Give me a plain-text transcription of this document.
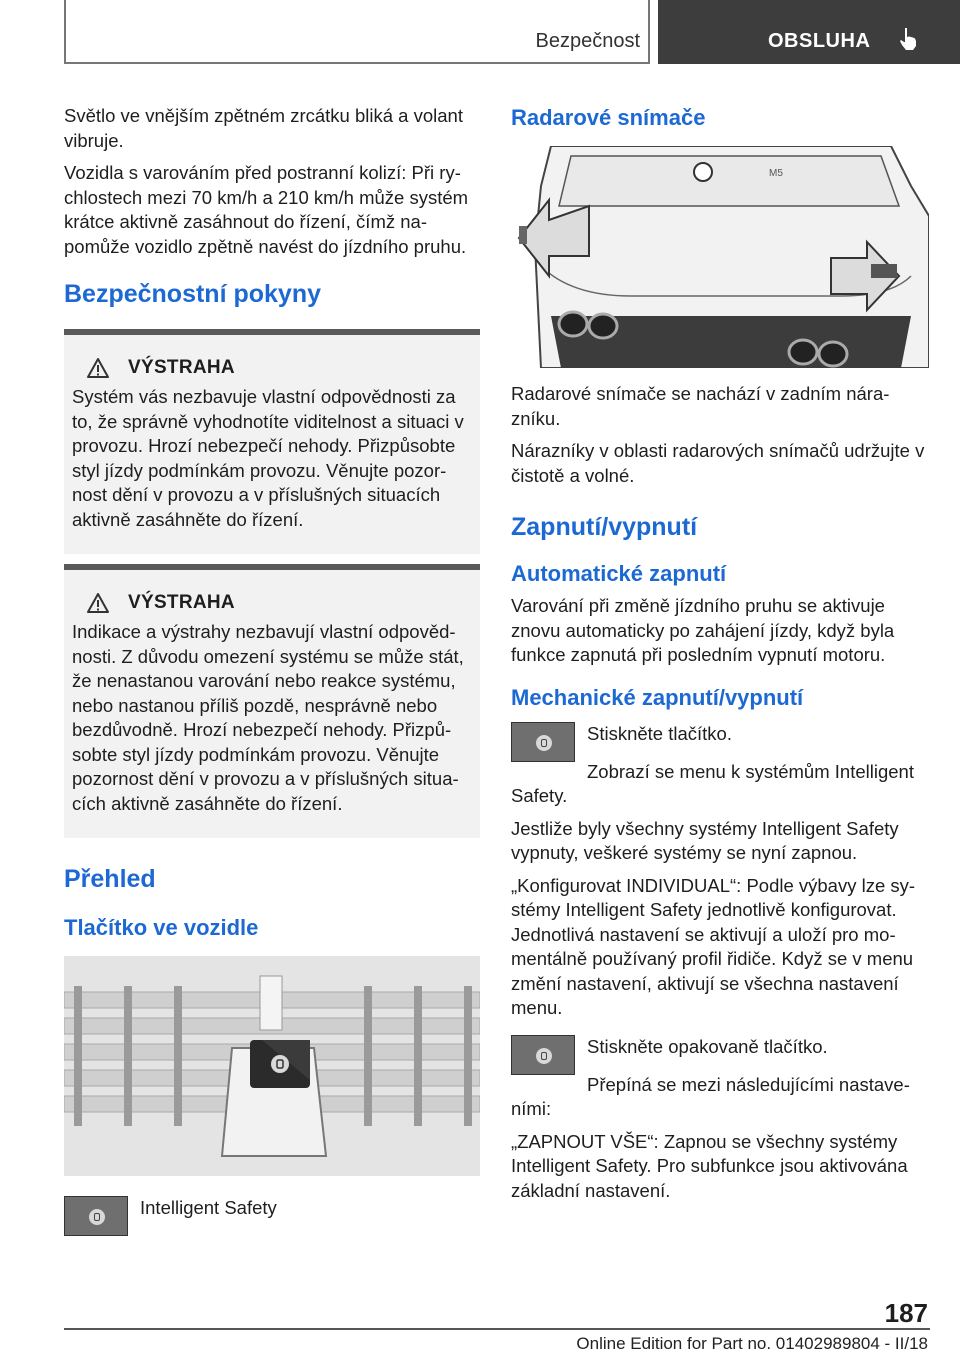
Bezpečnost	OBSLUHA

Světlo ve vnějším zpětném zrcátku bliká a volant vibruje.

Vozidla s varováním před postranní kolizí: Při rychlostech mezi 70 km/h a 210 km/h může systém krátce aktivně zasáhnout do řízení, čímž napomůže vozidlo zpětně navést do jízdního pruhu.

Bezpečnostní pokyny
VÝSTRAHA

Systém vás nezbavuje vlastní odpovědnosti za to, že správně vyhodnotíte viditelnost a situaci v provozu. Hrozí nebezpečí nehody. Přizpůsobte styl jízdy podmínkám provozu. Věnujte pozornost dění v provozu a v příslušných situacích aktivně zasáhněte do řízení.

VÝSTRAHA

Indikace a výstrahy nezbavují vlastní odpovědnosti. Z důvodu omezení systému se může stát, že nenastanou varování nebo reakce systému, nebo nastanou příliš pozdě, nesprávně nebo bezdůvodně. Hrozí nebezpečí nehody. Přizpůsobte styl jízdy podmínkám provozu. Věnujte pozornost dění v provozu a v příslušných situacích aktivně zasáhněte do řízení.

Přehled
Tlačítko ve vozidle

Intelligent Safety

Radarové snímače
M5

Radarové snímače se nachází v zadním nárazníku.

Nárazníky v oblasti radarových snímačů udržujte v čistotě a volné.

Zapnutí/vypnutí
Automatické zapnutí

Varování při změně jízdního pruhu se aktivuje znovu automaticky po zahájení jízdy, když byla funkce zapnutá při posledním vypnutí motoru.

Mechanické zapnutí/vypnutí

Stiskněte tlačítko.

Zobrazí se menu k systémům Intelligent Safety.

Jestliže byly všechny systémy Intelligent Safety vypnuty, veškeré systémy se nyní zapnou.

„Konfigurovat INDIVIDUAL“: Podle výbavy lze systémy Intelligent Safety jednotlivě konfigurovat. Jednotlivá nastavení se aktivují a uloží pro momentálně používaný profil řidiče. Když se v menu změní nastavení, aktivují se všechna nastavení menu.

Stiskněte opakovaně tlačítko.

Přepíná se mezi následujícími nastaveními:

„ZAPNOUT VŠE“: Zapnou se všechny systémy Intelligent Safety. Pro subfunkce jsou aktivována základní nastavení.

187
Online Edition for Part no. 01402989804 - II/18
